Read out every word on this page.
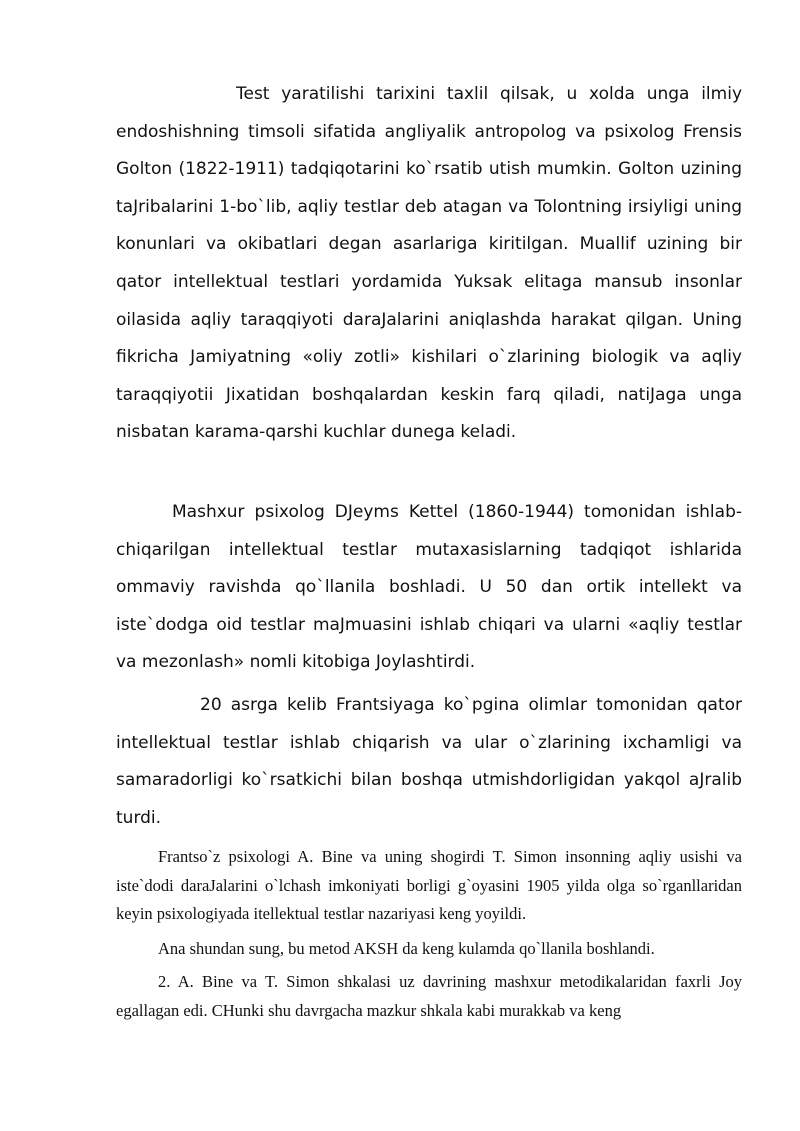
Test yaratilishi tarixini taxlil qilsak, u xolda unga ilmiy endoshishning timsoli sifatida angliyalik antropolog va psixolog Frensis Golton (1822-1911) tadqiqotarini ko`rsatib utish mumkin. Golton uzining taJribalarini 1-bo`lib, aqliy testlar deb atagan va Tolontning irsiyligi uning konunlari va okibatlari degan asarlariga kiritilgan. Muallif uzining bir qator intellektual testlari yordamida Yuksak elitaga mansub insonlar oilasida aqliy taraqqiyoti daraJalarini aniqlashda harakat qilgan. Uning fikricha Jamiyatning «oliy zotli» kishilari o`zlarining biologik va aqliy taraqqiyotii Jixatidan boshqalardan keskin farq qiladi, natiJaga unga nisbatan karama-qarshi kuchlar dunega keladi.

Mashxur psixolog DJeyms Kettel (1860-1944) tomonidan ishlab-chiqarilgan intellektual testlar mutaxasislarning tadqiqot ishlarida ommaviy ravishda qo`llanila boshladi. U 50 dan ortik intellekt va iste`dodga oid testlar maJmuasini ishlab chiqari va ularni «aqliy testlar va mezonlash» nomli kitobiga Joylashtirdi.

20 asrga kelib Frantsiyaga ko`pgina olimlar tomonidan qator intellektual testlar ishlab chiqarish va ular o`zlarining ixchamligi va samaradorligi ko`rsatkichi bilan boshqa utmishdorligidan yakqol aJralib turdi.

Frantso`z psixologi A. Bine va uning shogirdi T. Simon insonning aqliy usishi va iste`dodi daraJalarini o`lchash imkoniyati borligi g`oyasini 1905 yilda olga so`rganllaridan keyin psixologiyada itellektual testlar nazariyasi keng yoyildi.

Ana shundan sung, bu metod AKSH da keng kulamda qo`llanila boshlandi.

2. A. Bine va T. Simon shkalasi uz davrining mashxur metodikalaridan faxrli Joy egallagan edi. CHunki shu davrgacha mazkur shkala kabi murakkab va keng
